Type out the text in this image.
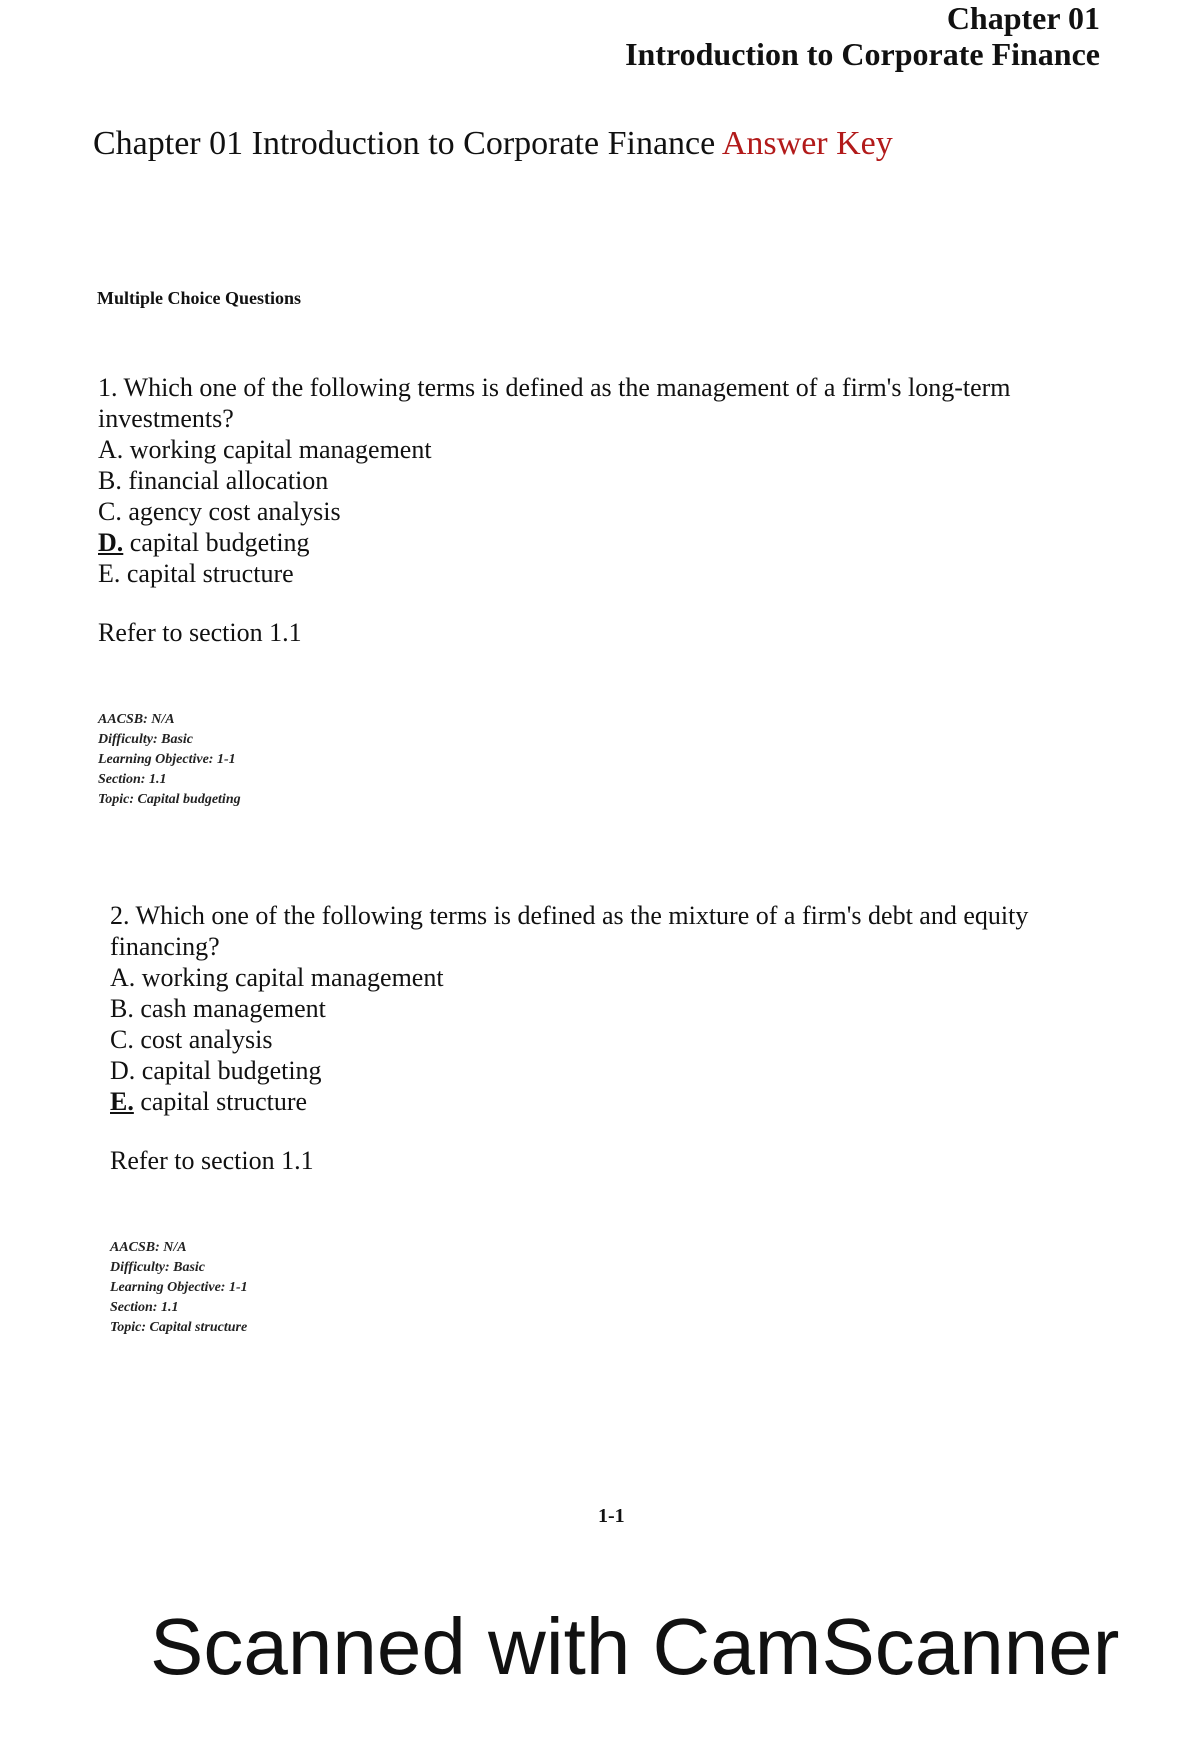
Chapter 01
Introduction to Corporate Finance
Chapter 01 Introduction to Corporate Finance Answer Key
Multiple Choice Questions

1. Which one of the following terms is defined as the management of a firm's long-term investments?

A. working capital management
B. financial allocation
C. agency cost analysis
D. capital budgeting
E. capital structure
Refer to section 1.1
AACSB: N/A
Difficulty: Basic
Learning Objective: 1-1
Section: 1.1
Topic: Capital budgeting

2. Which one of the following terms is defined as the mixture of a firm's debt and equity financing?

A. working capital management
B. cash management
C. cost analysis
D. capital budgeting
E. capital structure
Refer to section 1.1
AACSB: N/A
Difficulty: Basic
Learning Objective: 1-1
Section: 1.1
Topic: Capital structure
1-1
Scanned with CamScanner
